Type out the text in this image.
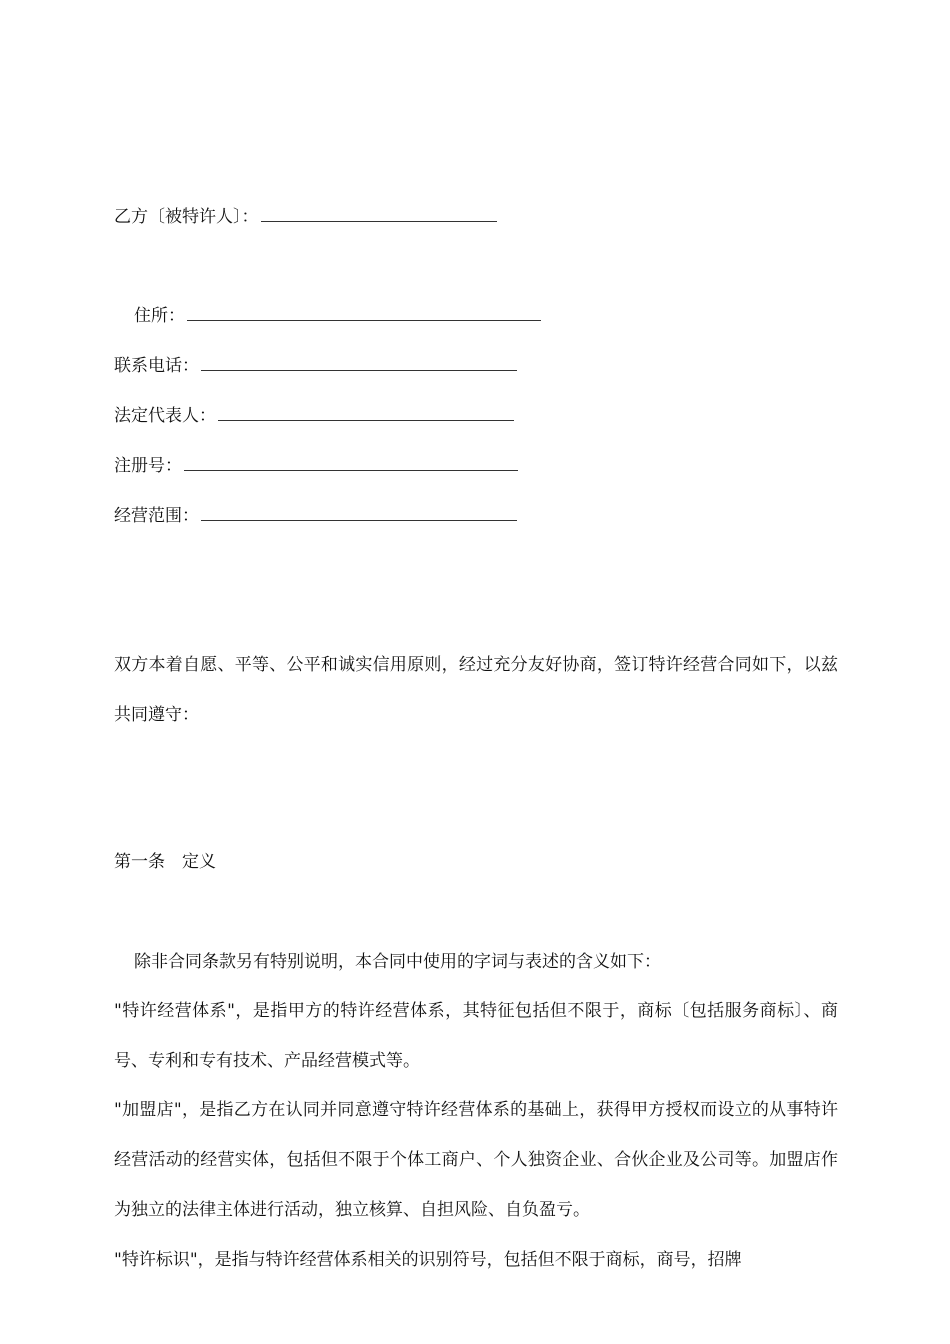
乙方〔被特许人〕：
住所：
联系电话：
法定代表人：
注册号：
经营范围：
双方本着自愿、平等、公平和诚实信用原则，经过充分友好协商，签订特许经营合同如下，以兹共同遵守：
第一条　定义
除非合同条款另有特别说明，本合同中使用的字词与表述的含义如下：
"特许经营体系"，是指甲方的特许经营体系，其特征包括但不限于，商标〔包括服务商标〕、商号、专利和专有技术、产品经营模式等。
"加盟店"，是指乙方在认同并同意遵守特许经营体系的基础上，获得甲方授权而设立的从事特许经营活动的经营实体，包括但不限于个体工商户、个人独资企业、合伙企业及公司等。加盟店作为独立的法律主体进行活动，独立核算、自担风险、自负盈亏。
"特许标识"，是指与特许经营体系相关的识别符号，包括但不限于商标，商号，招牌
